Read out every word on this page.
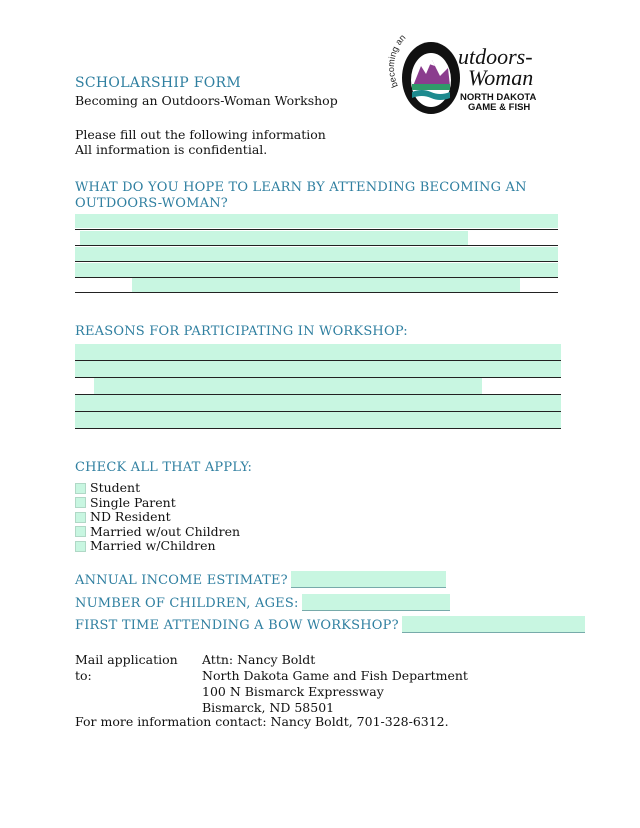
be ng an
utdoors-
Woman
NORTH DAKOTA
GAME & FISH
SCHOLARSHIP FORM
Becoming an Outdoors-Woman Workshop
Please fill out the following information
All information is confidential.
WHAT DO YOU HOPE TO LEARN BY ATTENDING BECOMING AN OUTDOORS-WOMAN?
REASONS FOR PARTICIPATING IN WORKSHOP:
CHECK ALL THAT APPLY:
Student
Single Parent
ND Resident
Married w/out Children
Married w/Children
ANNUAL INCOME ESTIMATE?
NUMBER OF CHILDREN, AGES:
FIRST TIME ATTENDING A BOW WORKSHOP?
Mail application to:
Attn: Nancy Boldt
North Dakota Game and Fish Department
100 N Bismarck Expressway
Bismarck, ND 58501
For more information contact: Nancy Boldt, 701-328-6312.
